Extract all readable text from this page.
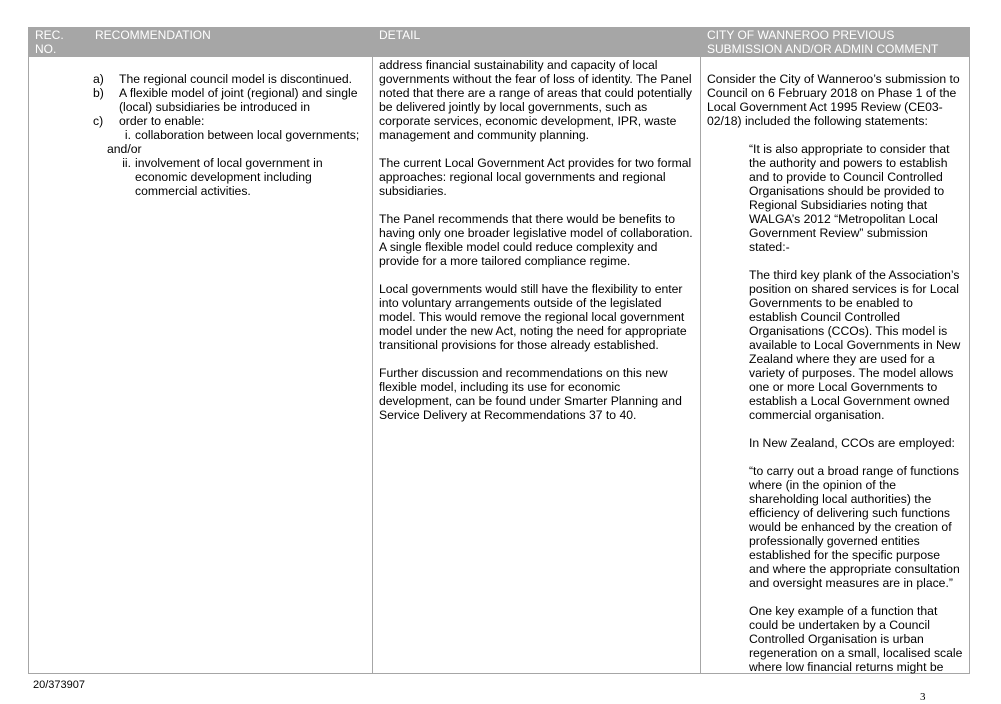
REC.
NO.
RECOMMENDATION	DETAIL	CITY OF WANNEROO PREVIOUS
SUBMISSION AND/OR ADMIN COMMENT
a) The regional council model is discontinued.
b) A flexible model of joint (regional) and single
(local) subsidiaries be introduced in
c) order to enable:
i. collaboration between local governments;
and/or
ii. involvement of local government in
economic development including
commercial activities.
address financial sustainability and capacity of local
governments without the fear of loss of identity. The Panel
noted that there are a range of areas that could potentially
be delivered jointly by local governments, such as
corporate services, economic development, IPR, waste
management and community planning.
The current Local Government Act provides for two formal
approaches: regional local governments and regional
subsidiaries.
The Panel recommends that there would be benefits to
having only one broader legislative model of collaboration.
A single flexible model could reduce complexity and
provide for a more tailored compliance regime.
Local governments would still have the flexibility to enter
into voluntary arrangements outside of the legislated
model. This would remove the regional local government
model under the new Act, noting the need for appropriate
transitional provisions for those already established.
Further discussion and recommendations on this new
flexible model, including its use for economic
development, can be found under Smarter Planning and
Service Delivery at Recommendations 37 to 40.
Consider the City of Wanneroo’s submission to
Council on 6 February 2018 on Phase 1 of the
Local Government Act 1995 Review (CE03-
02/18) included the following statements:
“It is also appropriate to consider that
the authority and powers to establish
and to provide to Council Controlled
Organisations should be provided to
Regional Subsidiaries noting that
WALGA’s 2012 “Metropolitan Local
Government Review” submission
stated:-
The third key plank of the Association’s
position on shared services is for Local
Governments to be enabled to
establish Council Controlled
Organisations (CCOs). This model is
available to Local Governments in New
Zealand where they are used for a
variety of purposes. The model allows
one or more Local Governments to
establish a Local Government owned
commercial organisation.
In New Zealand, CCOs are employed:
“to carry out a broad range of functions
where (in the opinion of the
shareholding local authorities) the
efficiency of delivering such functions
would be enhanced by the creation of
professionally governed entities
established for the specific purpose
and where the appropriate consultation
and oversight measures are in place.”
One key example of a function that
could be undertaken by a Council
Controlled Organisation is urban
regeneration on a small, localised scale
where low financial returns might be
20/373907
3
